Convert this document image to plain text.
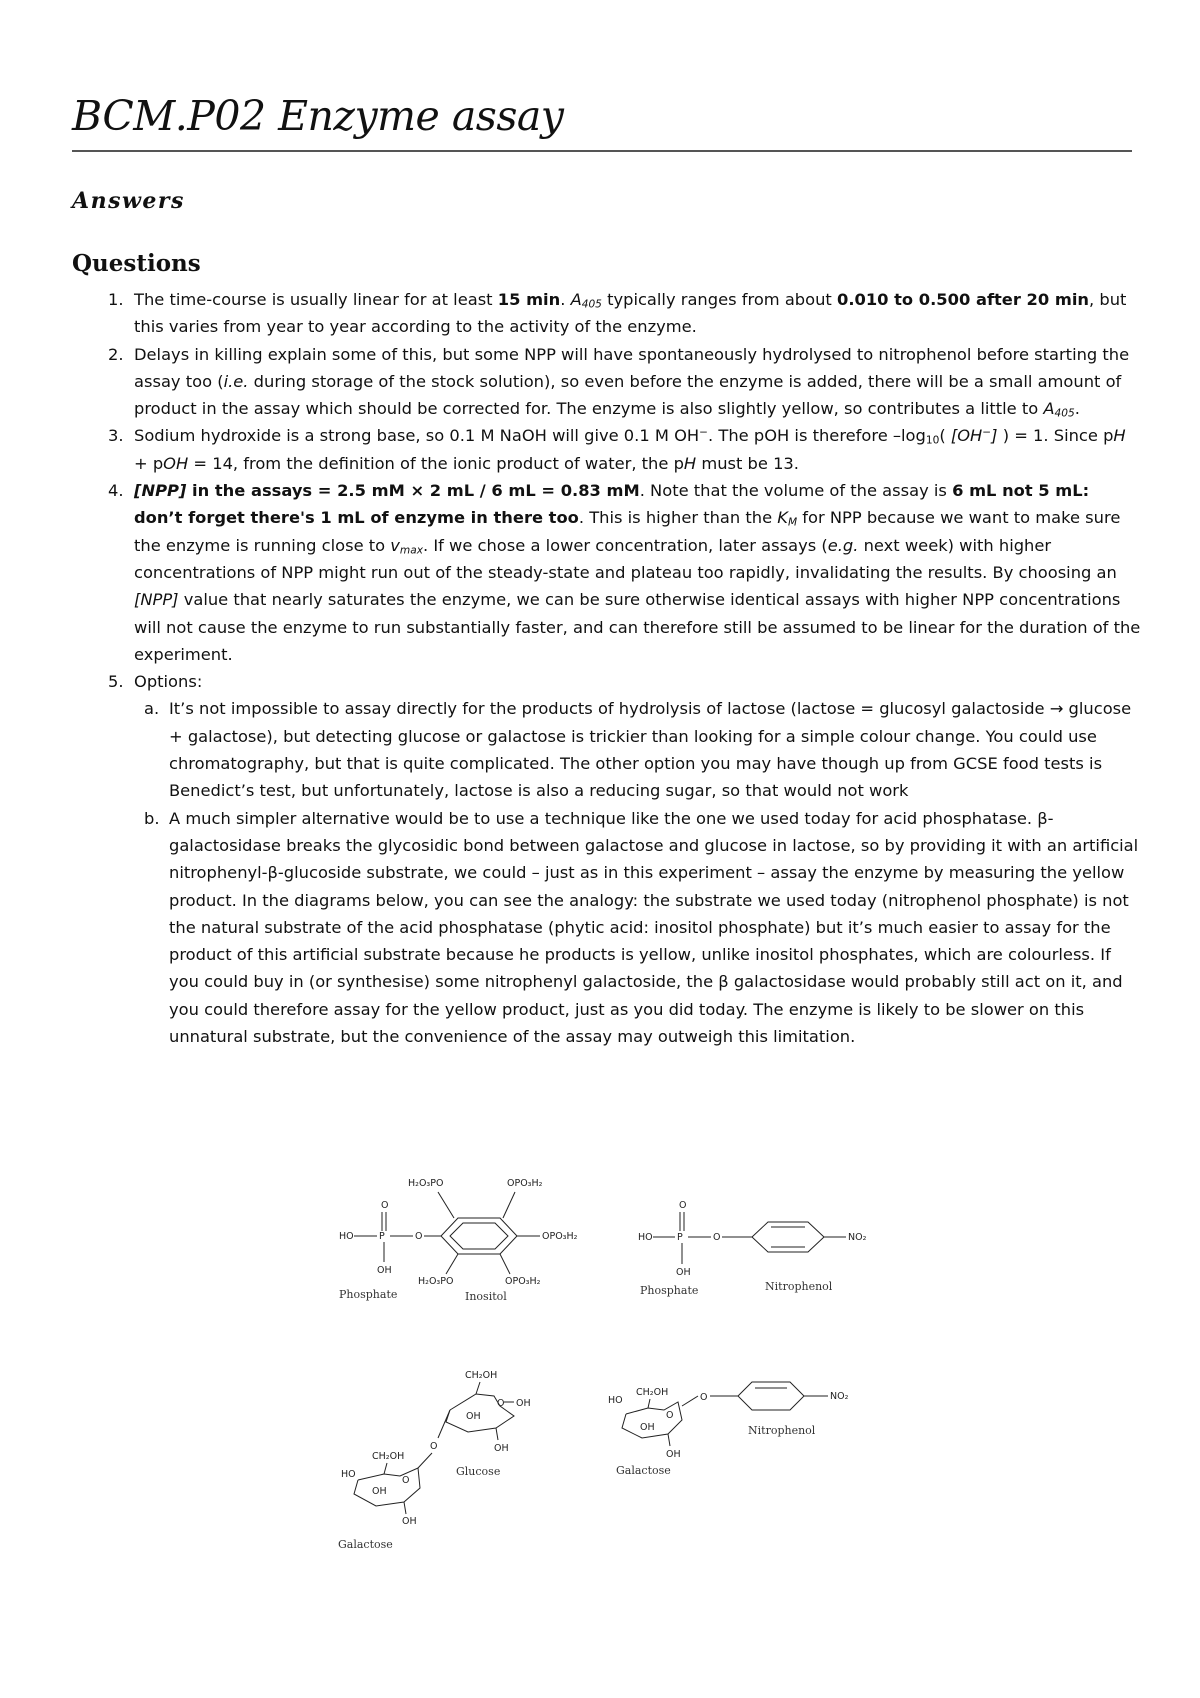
BCM.P02 Enzyme assay
Answers
Questions
1. The time-course is usually linear for at least 15 min. $A_{405}$ typically ranges from about 0.010 to 0.500 after 20 min, but this varies from year to year according to the activity of the enzyme.
2. Delays in killing explain some of this, but some NPP will have spontaneously hydrolysed to nitrophenol before starting the assay too (i.e. during storage of the stock solution), so even before the enzyme is added, there will be a small amount of product in the assay which should be corrected for. The enzyme is also slightly yellow, so contributes a little to $A_{405}$.
3. Sodium hydroxide is a strong base, so 0.1 M NaOH will give 0.1 M OH−. The pOH is therefore $-\log_{10}$( [OH−] ) = 1. Since pH + pOH = 14, from the definition of the ionic product of water, the pH must be 13.
4. [NPP] in the assays = 2.5 mM × 2 mL / 6 mL = 0.83 mM. Note that the volume of the assay is 6 mL not 5 mL: don’t forget there's 1 mL of enzyme in there too. This is higher than the $K_M$ for NPP because we want to make sure the enzyme is running close to $v_{max}$. If we chose a lower concentration, later assays (e.g. next week) with higher concentrations of NPP might run out of the steady-state and plateau too rapidly, invalidating the results. By choosing an [NPP] value that nearly saturates the enzyme, we can be sure otherwise identical assays with higher NPP concentrations will not cause the enzyme to run substantially faster, and can therefore still be assumed to be linear for the duration of the experiment.
5. Options:
a. It’s not impossible to assay directly for the products of hydrolysis of lactose (lactose = glucosyl galactoside → glucose + galactose), but detecting glucose or galactose is trickier than looking for a simple colour change. You could use chromatography, but that is quite complicated. The other option you may have though up from GCSE food tests is Benedict’s test, but unfortunately, lactose is also a reducing sugar, so that would not work
b. A much simpler alternative would be to use a technique like the one we used today for acid phosphatase. β-galactosidase breaks the glycosidic bond between galactose and glucose in lactose, so by providing it with an artificial nitrophenyl-β-glucoside substrate, we could – just as in this experiment – assay the enzyme by measuring the yellow product. In the diagrams below, you can see the analogy: the substrate we used today (nitrophenol phosphate) is not the natural substrate of the acid phosphatase (phytic acid: inositol phosphate) but it’s much easier to assay for the product of this artificial substrate because he products is yellow, unlike inositol phosphates, which are colourless. If you could buy in (or synthesise) some nitrophenyl galactoside, the β galactosidase would probably still act on it, and you could therefore assay for the yellow product, just as you did today. The enzyme is likely to be slower on this unnatural substrate, but the convenience of the assay may outweigh this limitation.
H₂O₃PO	OPO₃H₂
O
HO	P	O	OPO₃H₂
OH
H₂O₃PO	OPO₃H₂
Phosphate	Inositol
O
HO	P	O	NO₂
OH
Phosphate	Nitrophenol
CH₂OH
O OH
OH
OH
O
Glucose
HO
CH₂OH
O
OH
OH
Galactose
HO
CH₂OH
O
O	NO₂
OH
OH
Nitrophenol
Galactose
